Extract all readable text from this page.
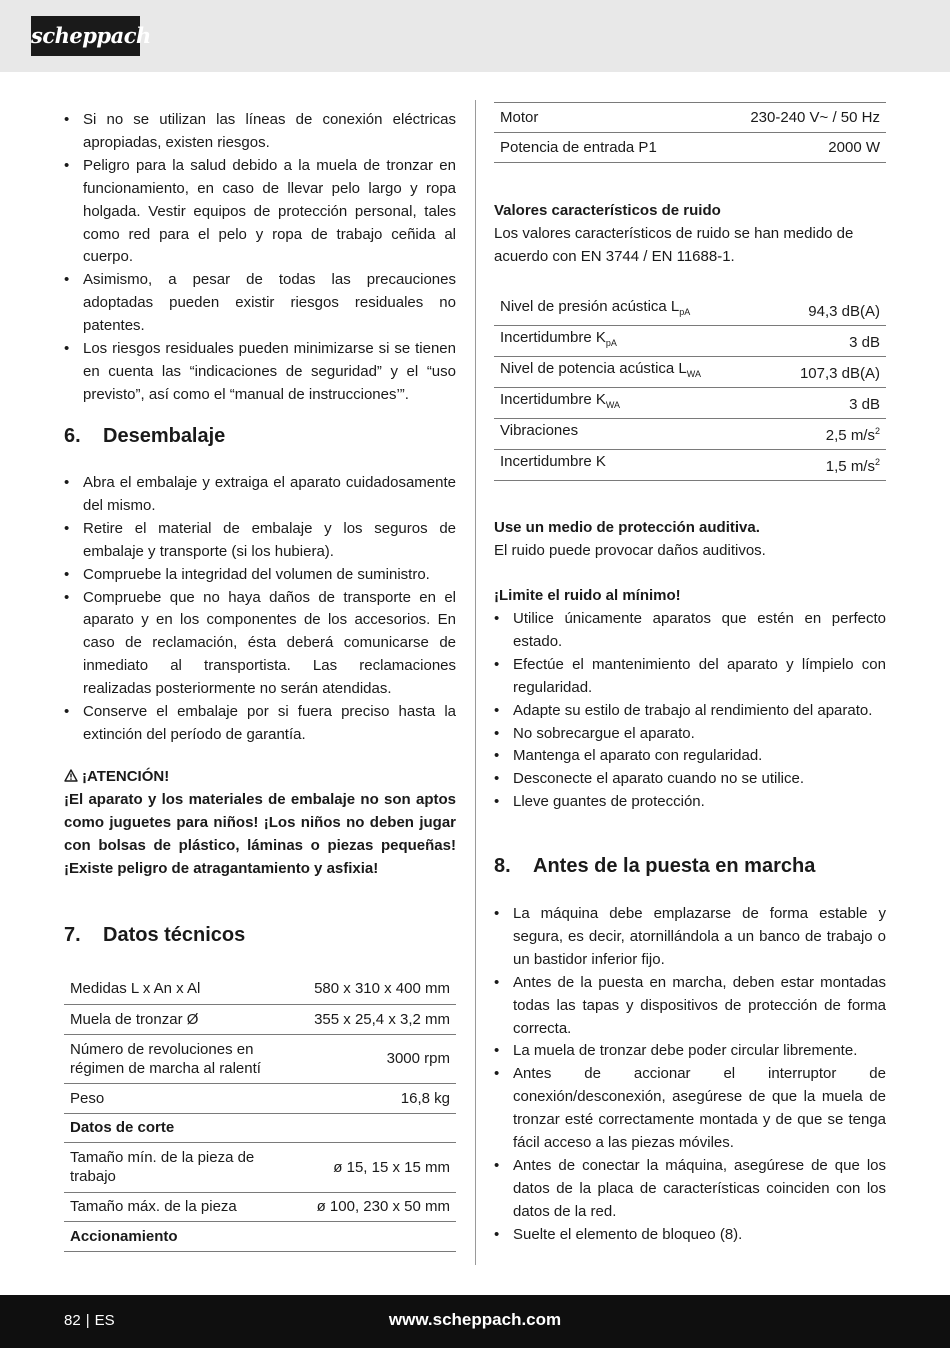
scheppach
• Si no se utilizan las líneas de conexión eléctricas apropiadas, existen riesgos.
• Peligro para la salud debido a la muela de tronzar en funcionamiento, en caso de llevar pelo largo y ropa holgada. Vestir equipos de protección personal, tales como red para el pelo y ropa de trabajo ceñida al cuerpo.
• Asimismo, a pesar de todas las precauciones adoptadas pueden existir riesgos residuales no patentes.
• Los riesgos residuales pueden minimizarse si se tienen en cuenta las “indicaciones de seguridad” y el “uso previsto”, así como el “manual de instrucciones’”.
6. Desembalaje
• Abra el embalaje y extraiga el aparato cuidadosamente del mismo.
• Retire el material de embalaje y los seguros de embalaje y transporte (si los hubiera).
• Compruebe la integridad del volumen de suministro.
• Compruebe que no haya daños de transporte en el aparato y en los componentes de los accesorios. En caso de reclamación, ésta deberá comunicarse de inmediato al transportista. Las reclamaciones realizadas posteriormente no serán atendidas.
• Conserve el embalaje por si fuera preciso hasta la extinción del período de garantía.

¡ATENCIÓN!

¡El aparato y los materiales de embalaje no son aptos como juguetes para niños! ¡Los niños no deben jugar con bolsas de plástico, láminas o piezas pequeñas! ¡Existe peligro de atragantamiento y asfixia!

7. Datos técnicos
Medidas L x An x Al	580 x 310 x 400 mm
Muela de tronzar Ø	355 x 25,4 x 3,2 mm
Número de revoluciones en régimen de marcha al ralentí	3000 rpm
Peso	16,8 kg
Datos de corte	
Tamaño mín. de la pieza de trabajo	ø 15, 15 x 15 mm
Tamaño máx. de la pieza	ø 100, 230 x 50 mm
Accionamiento	
Motor	230-240 V~ / 50 Hz
Potencia de entrada P1	2000 W

Valores característicos de ruido

Los valores característicos de ruido se han medido de acuerdo con EN 3744 / EN 11688-1.

Nivel de presión acústica $L_{pA}$	94,3 dB(A)
Incertidumbre $K_{pA}$	3 dB
Nivel de potencia acústica $L_{WA}$	107,3 dB(A)
Incertidumbre $K_{WA}$	3 dB
Vibraciones	2,5 $m/s^2$
Incertidumbre K	1,5 $m/s^2$

Use un medio de protección auditiva.

El ruido puede provocar daños auditivos.

¡Limite el ruido al mínimo!

• Utilice únicamente aparatos que estén en perfecto estado.
• Efectúe el mantenimiento del aparato y límpielo con regularidad.
• Adapte su estilo de trabajo al rendimiento del aparato.
• No sobrecargue el aparato.
• Mantenga el aparato con regularidad.
• Desconecte el aparato cuando no se utilice.
• Lleve guantes de protección.
8. Antes de la puesta en marcha
• La máquina debe emplazarse de forma estable y segura, es decir, atornillándola a un banco de trabajo o un bastidor inferior fijo.
• Antes de la puesta en marcha, deben estar montadas todas las tapas y dispositivos de protección de forma correcta.
• La muela de tronzar debe poder circular libremente.
• Antes de accionar el interruptor de conexión/desconexión, asegúrese de que la muela de tronzar esté correctamente montada y de que se tenga fácil acceso a las piezas móviles.
• Antes de conectar la máquina, asegúrese de que los datos de la placa de características coinciden con los datos de la red.
• Suelte el elemento de bloqueo (8).
82 | ES	www.scheppach.com
